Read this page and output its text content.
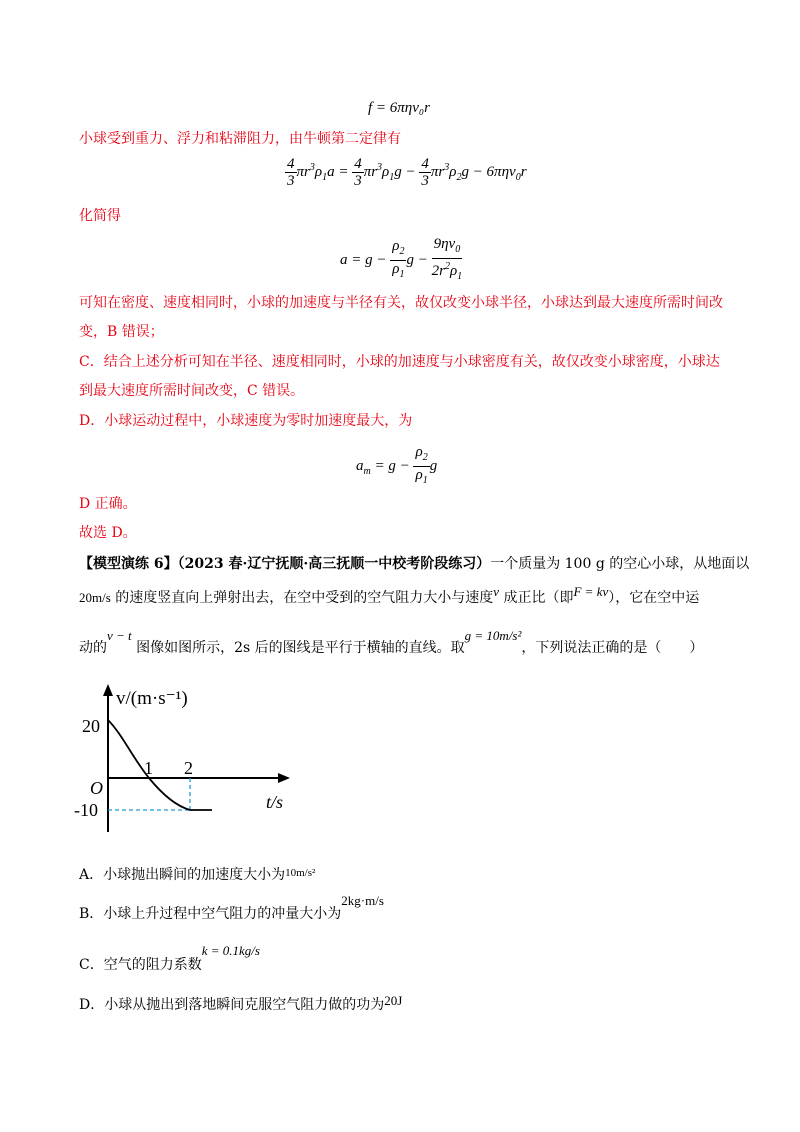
f = 6πηv₀r
小球受到重力、浮力和粘滞阻力，由牛顿第二定律有
$\frac{4}{3} \pi r^3\rho_1a = \frac{4}{3} \pi r^3\rho_1g - \frac{4}{3} \pi r^3\rho_2g - 6\pi\eta v_0r$
化简得
$a = g - \frac{\rho_2}{\rho_1}$ $g - \frac{9\eta v_0}{2r^2\rho_1}$
可知在密度、速度相同时，小球的加速度与半径有关，故仅改变小球半径，小球达到最大速度所需时间改
变，B 错误；
C．结合上述分析可知在半径、速度相同时，小球的加速度与小球密度有关，故仅改变小球密度，小球达
到最大速度所需时间改变，C 错误。
D．小球运动过程中，小球速度为零时加速度最大，为
$a_m = g - \frac{\rho_2}{\rho_1}$ g
D 正确。
故选 D。
【模型演练 6】（2023 春·辽宁抚顺·高三抚顺一中校考阶段练习）一个质量为 100 g 的空心小球，从地面以
20m/s 的速度竖直向上弹射出去，在空中受到的空气阻力大小与速度v 成正比（即F = kv），它在空中运
动的v − t 图像如图所示，2s 后的图线是平行于横轴的直线。取g = 10m/s²，下列说法正确的是（　　）
v/(m·s⁻¹)
t/s
O
20
-10
1 2
A．小球抛出瞬间的加速度大小为$^{10m/s^2}$
B．小球上升过程中空气阻力的冲量大小为2kg·m/s
C．空气的阻力系数k = 0.1kg/s
D．小球从抛出到落地瞬间克服空气阻力做的功为20J
